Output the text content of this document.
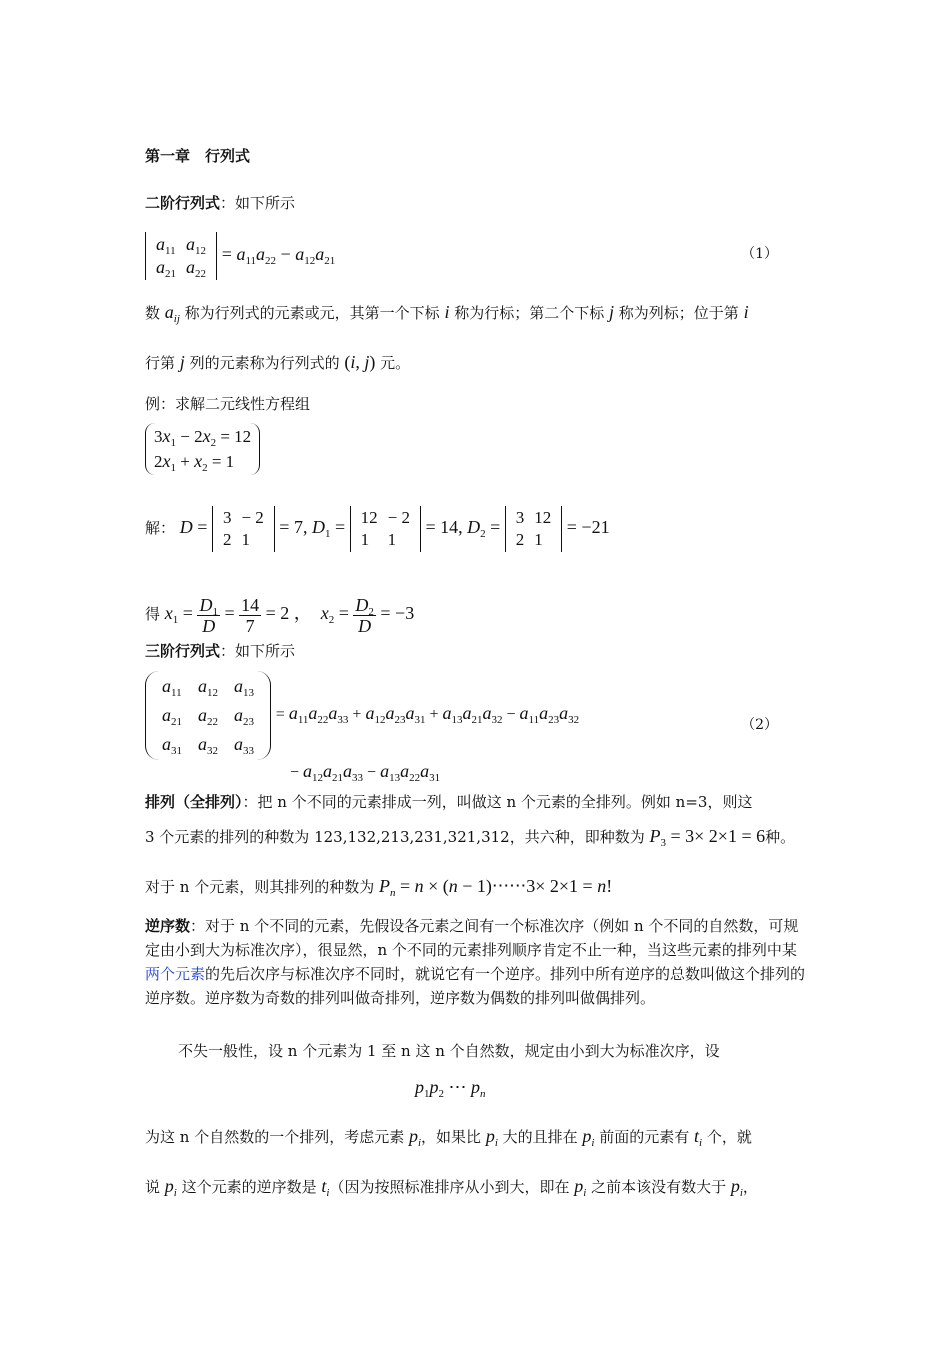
第一章　行列式
二阶行列式：如下所示
$a_{11}$	$a_{12}$
$a_{21}$	$a_{22}$
= $a_{11}a_{22} - a_{12}a_{21}$	（1）
数 $a_{ij}$ 称为行列式的元素或元，其第一个下标 i 称为行标；第二个下标 j 称为列标；位于第 i
行第 j 列的元素称为行列式的 (i, j) 元。
例：求解二元线性方程组
$3x_1 - 2x_2 = 12$
$2x_1 + x_2 = 1$
解： D = 3	− 2
2	1
= 7, $D_1 = 12$	− 2
1	1
= 14, $D_2 = 3$	12
2	1
= −21
得 $x_1 = \frac{D_1}{D} = \frac{14}{7} = 2$ ，  $x_2 = \frac{D_2}{D} = -3$
三阶行列式：如下所示
$a_{11}$	$a_{12}$	$a_{13}$
$a_{21}$	$a_{22}$	$a_{23}$
$a_{31}$	$a_{32}$	$a_{33}$
= $a_{11}a_{22}a_{33} + a_{12}a_{23}a_{31} + a_{13}a_{21}a_{32} - a_{11}a_{23}a_{32}$	（2）
− $a_{12}a_{21}a_{33} - a_{13}a_{22}a_{31}$
排列（全排列）：把 n 个不同的元素排成一列，叫做这 n 个元素的全排列。例如 n=3，则这
3 个元素的排列的种数为 123,132,213,231,321,312，共六种，即种数为 $P_3 = 3\times 2\times 1 = 6$种。
对于 n 个元素，则其排列的种数为 $P_n = n \times (n - 1)\cdot\cdot\cdot\cdot\cdot\cdot 3\times 2\times 1 = n$!
逆序数：对于 n 个不同的元素，先假设各元素之间有一个标准次序（例如 n 个不同的自然数，可规定由小到大为标准次序），很显然，n 个不同的元素排列顺序肯定不止一种，当这些元素的排列中某两个元素的先后次序与标准次序不同时，就说它有一个逆序。排列中所有逆序的总数叫做这个排列的逆序数。逆序数为奇数的排列叫做奇排列，逆序数为偶数的排列叫做偶排列。
不失一般性，设 n 个元素为 1 至 n 这 n 个自然数，规定由小到大为标准次序，设
$p_1p_2$ ⋯ $p_n$
为这 n 个自然数的一个排列，考虑元素 $p_i$，如果比 $p_i$ 大的且排在 $p_i$ 前面的元素有 $t_i$ 个，就
说 $p_i$ 这个元素的逆序数是 $t_i$（因为按照标准排序从小到大，即在 $p_i$ 之前本该没有数大于 $p_i$，
